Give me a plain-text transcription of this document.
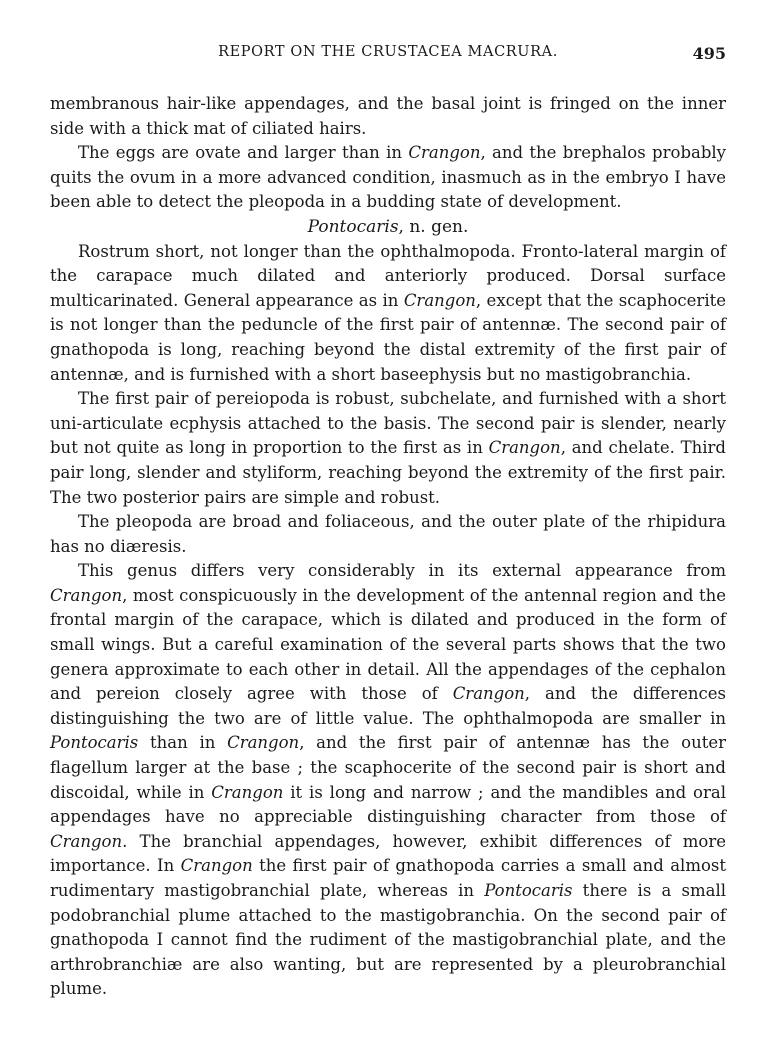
REPORT ON THE CRUSTACEA MACRURA.	495

membranous hair-like appendages, and the basal joint is fringed on the inner side with a thick mat of ciliated hairs.

The eggs are ovate and larger than in Crangon, and the brephalos probably quits the ovum in a more advanced condition, inasmuch as in the embryo I have been able to detect the pleopoda in a budding state of development.

Pontocaris, n. gen.

Rostrum short, not longer than the ophthalmopoda. Fronto-lateral margin of the carapace much dilated and anteriorly produced. Dorsal surface multicarinated. General appearance as in Crangon, except that the scaphocerite is not longer than the peduncle of the first pair of antennæ. The second pair of gnathopoda is long, reaching beyond the distal extremity of the first pair of antennæ, and is furnished with a short baseephysis but no mastigobranchia.

The first pair of pereiopoda is robust, subchelate, and furnished with a short uni-articulate ecphysis attached to the basis. The second pair is slender, nearly but not quite as long in proportion to the first as in Crangon, and chelate. Third pair long, slender and styliform, reaching beyond the extremity of the first pair. The two posterior pairs are simple and robust.

The pleopoda are broad and foliaceous, and the outer plate of the rhipidura has no diæresis.

This genus differs very considerably in its external appearance from Crangon, most conspicuously in the development of the antennal region and the frontal margin of the carapace, which is dilated and produced in the form of small wings. But a careful examination of the several parts shows that the two genera approximate to each other in detail. All the appendages of the cephalon and pereion closely agree with those of Crangon, and the differences distinguishing the two are of little value. The ophthalmopoda are smaller in Pontocaris than in Crangon, and the first pair of antennæ has the outer flagellum larger at the base ; the scaphocerite of the second pair is short and discoidal, while in Crangon it is long and narrow ; and the mandibles and oral appendages have no appreciable distinguishing character from those of Crangon. The branchial appendages, however, exhibit differences of more importance. In Crangon the first pair of gnathopoda carries a small and almost rudimentary mastigobranchial plate, whereas in Pontocaris there is a small podobranchial plume attached to the mastigobranchia. On the second pair of gnathopoda I cannot find the rudiment of the mastigobranchial plate, and the arthrobranchiæ are also wanting, but are represented by a pleurobranchial plume.
